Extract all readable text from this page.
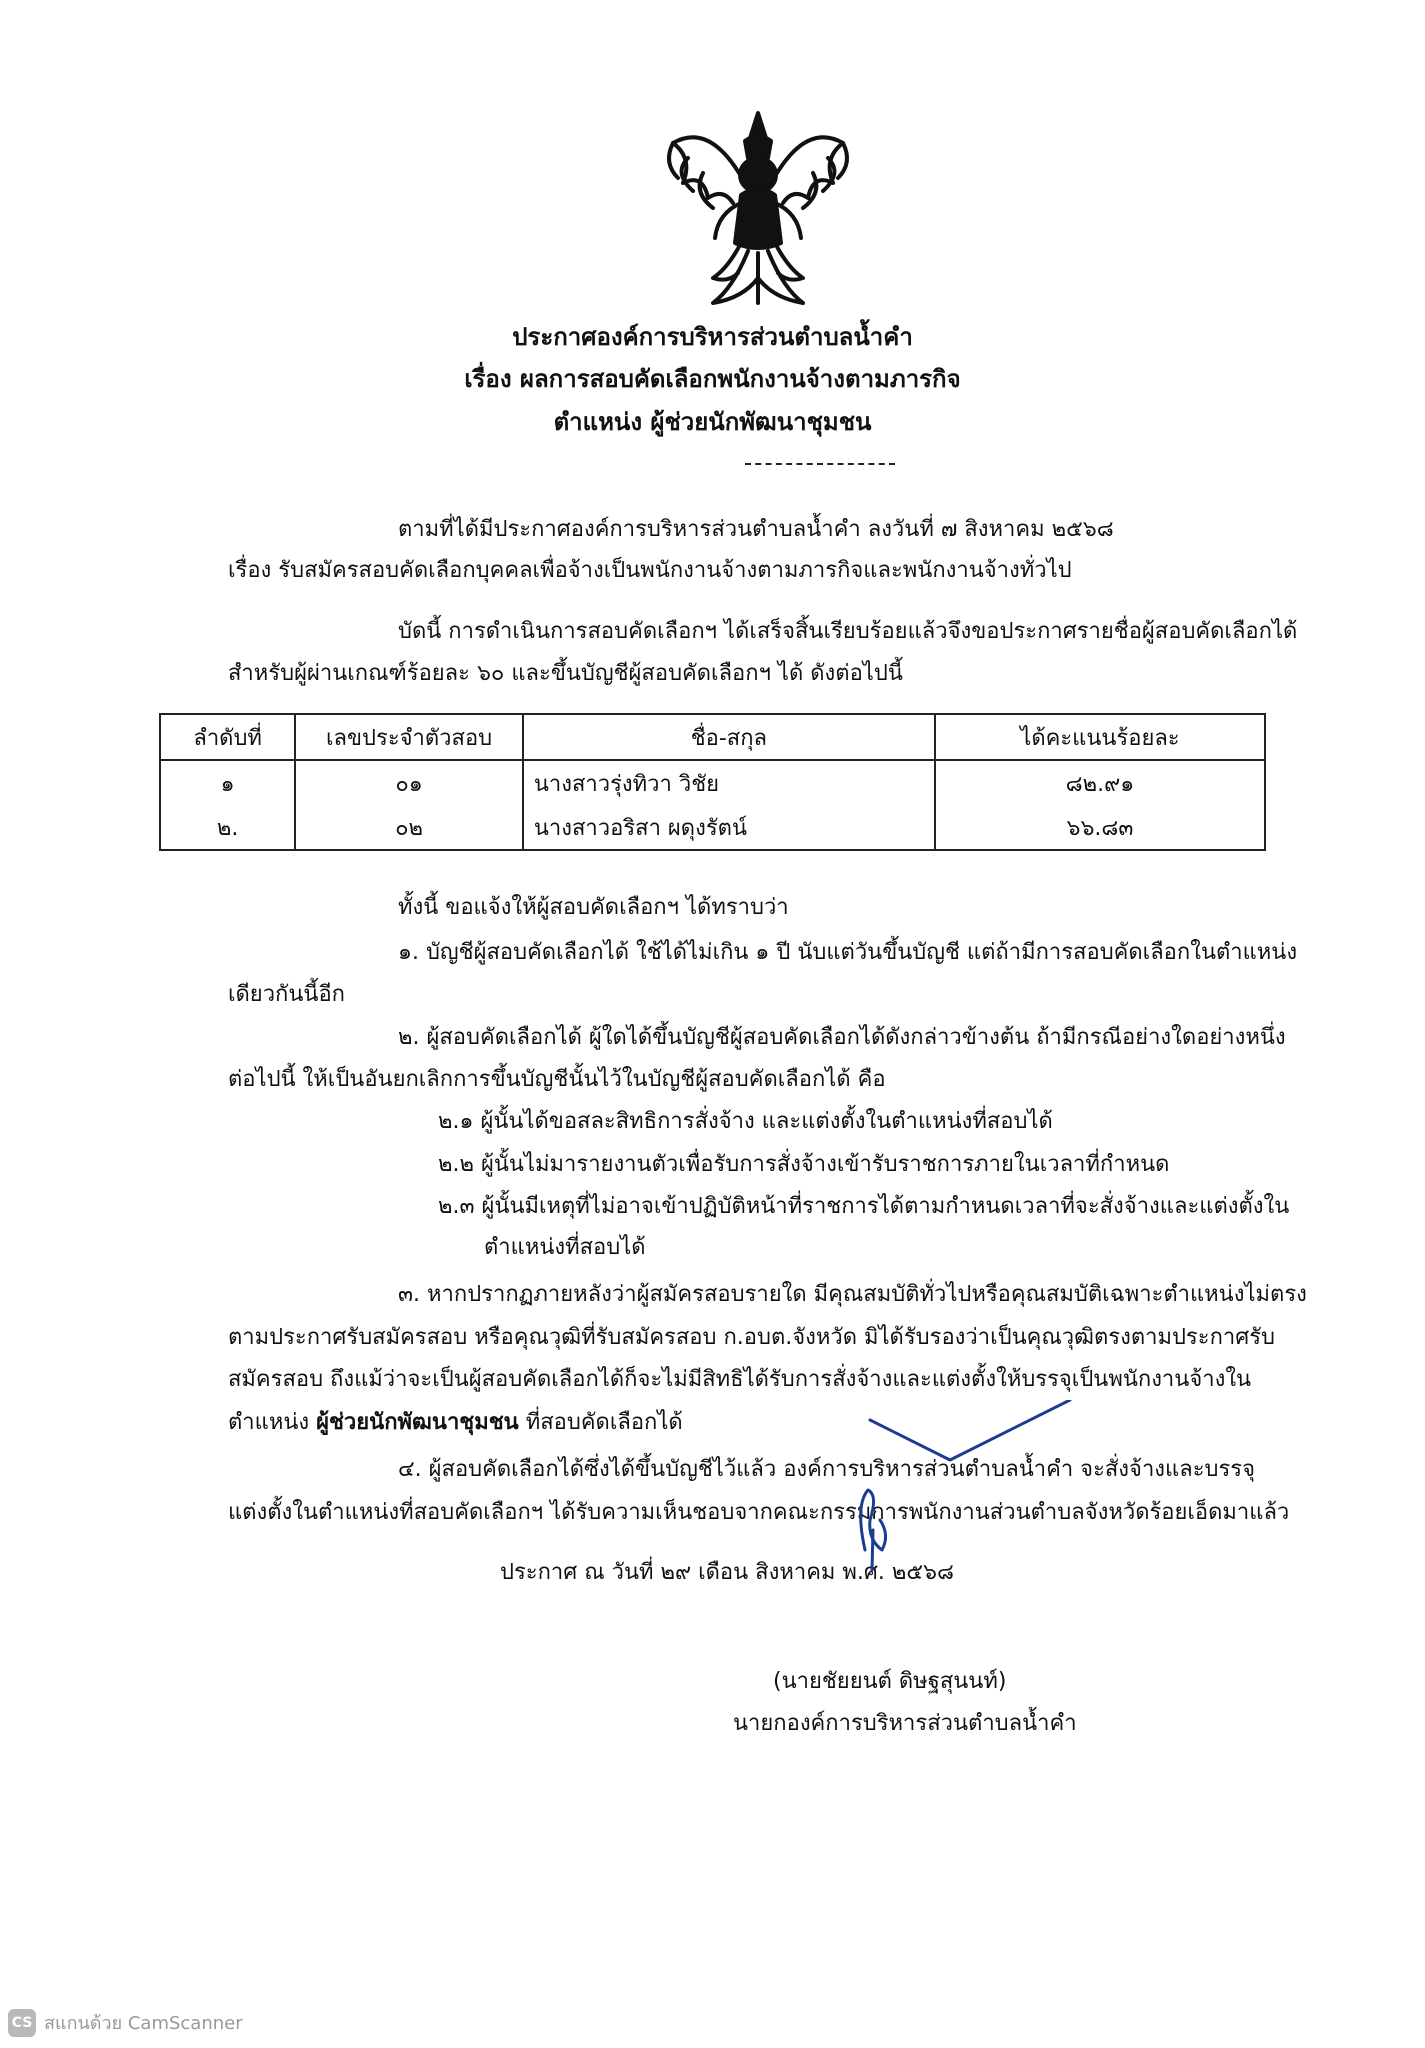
ประกาศองค์การบริหารส่วนตำบลน้ำคำ
เรื่อง ผลการสอบคัดเลือกพนักงานจ้างตามภารกิจ
ตำแหน่ง ผู้ช่วยนักพัฒนาชุมชน
ตามที่ได้มีประกาศองค์การบริหารส่วนตำบลน้ำคำ ลงวันที่ ๗ สิงหาคม ๒๕๖๘
เรื่อง รับสมัครสอบคัดเลือกบุคคลเพื่อจ้างเป็นพนักงานจ้างตามภารกิจและพนักงานจ้างทั่วไป
บัดนี้ การดำเนินการสอบคัดเลือกฯ ได้เสร็จสิ้นเรียบร้อยแล้วจึงขอประกาศรายชื่อผู้สอบคัดเลือกได้
สำหรับผู้ผ่านเกณฑ์ร้อยละ ๖๐ และขึ้นบัญชีผู้สอบคัดเลือกฯ ได้ ดังต่อไปนี้
ลำดับที่	เลขประจำตัวสอบ	ชื่อ-สกุล	ได้คะแนนร้อยละ
๑	๐๑	นางสาวรุ่งทิวา วิชัย	๘๒.๙๑
๒.	๐๒	นางสาวอริสา ผดุงรัตน์	๖๖.๘๓
ทั้งนี้ ขอแจ้งให้ผู้สอบคัดเลือกฯ ได้ทราบว่า
๑. บัญชีผู้สอบคัดเลือกได้ ใช้ได้ไม่เกิน ๑ ปี นับแต่วันขึ้นบัญชี แต่ถ้ามีการสอบคัดเลือกในตำแหน่ง
เดียวกันนี้อีก
๒. ผู้สอบคัดเลือกได้ ผู้ใดได้ขึ้นบัญชีผู้สอบคัดเลือกได้ดังกล่าวข้างต้น ถ้ามีกรณีอย่างใดอย่างหนึ่ง
ต่อไปนี้ ให้เป็นอันยกเลิกการขึ้นบัญชีนั้นไว้ในบัญชีผู้สอบคัดเลือกได้ คือ
๒.๑ ผู้นั้นได้ขอสละสิทธิการสั่งจ้าง และแต่งตั้งในตำแหน่งที่สอบได้
๒.๒ ผู้นั้นไม่มารายงานตัวเพื่อรับการสั่งจ้างเข้ารับราชการภายในเวลาที่กำหนด
๒.๓ ผู้นั้นมีเหตุที่ไม่อาจเข้าปฏิบัติหน้าที่ราชการได้ตามกำหนดเวลาที่จะสั่งจ้างและแต่งตั้งใน
ตำแหน่งที่สอบได้
๓. หากปรากฏภายหลังว่าผู้สมัครสอบรายใด มีคุณสมบัติทั่วไปหรือคุณสมบัติเฉพาะตำแหน่งไม่ตรง
ตามประกาศรับสมัครสอบ หรือคุณวุฒิที่รับสมัครสอบ ก.อบต.จังหวัด มิได้รับรองว่าเป็นคุณวุฒิตรงตามประกาศรับ
สมัครสอบ ถึงแม้ว่าจะเป็นผู้สอบคัดเลือกได้ก็จะไม่มีสิทธิได้รับการสั่งจ้างและแต่งตั้งให้บรรจุเป็นพนักงานจ้างใน
ตำแหน่ง ผู้ช่วยนักพัฒนาชุมชน ที่สอบคัดเลือกได้
๔. ผู้สอบคัดเลือกได้ซึ่งได้ขึ้นบัญชีไว้แล้ว องค์การบริหารส่วนตำบลน้ำคำ จะสั่งจ้างและบรรจุ
แต่งตั้งในตำแหน่งที่สอบคัดเลือกฯ ได้รับความเห็นชอบจากคณะกรรมการพนักงานส่วนตำบลจังหวัดร้อยเอ็ดมาแล้ว
ประกาศ ณ วันที่ ๒๙ เดือน สิงหาคม พ.ศ. ๒๕๖๘
(นายชัยยนต์ ดิษฐสุนนท์)
นายกองค์การบริหารส่วนตำบลน้ำคำ
CS สแกนด้วย CamScanner
